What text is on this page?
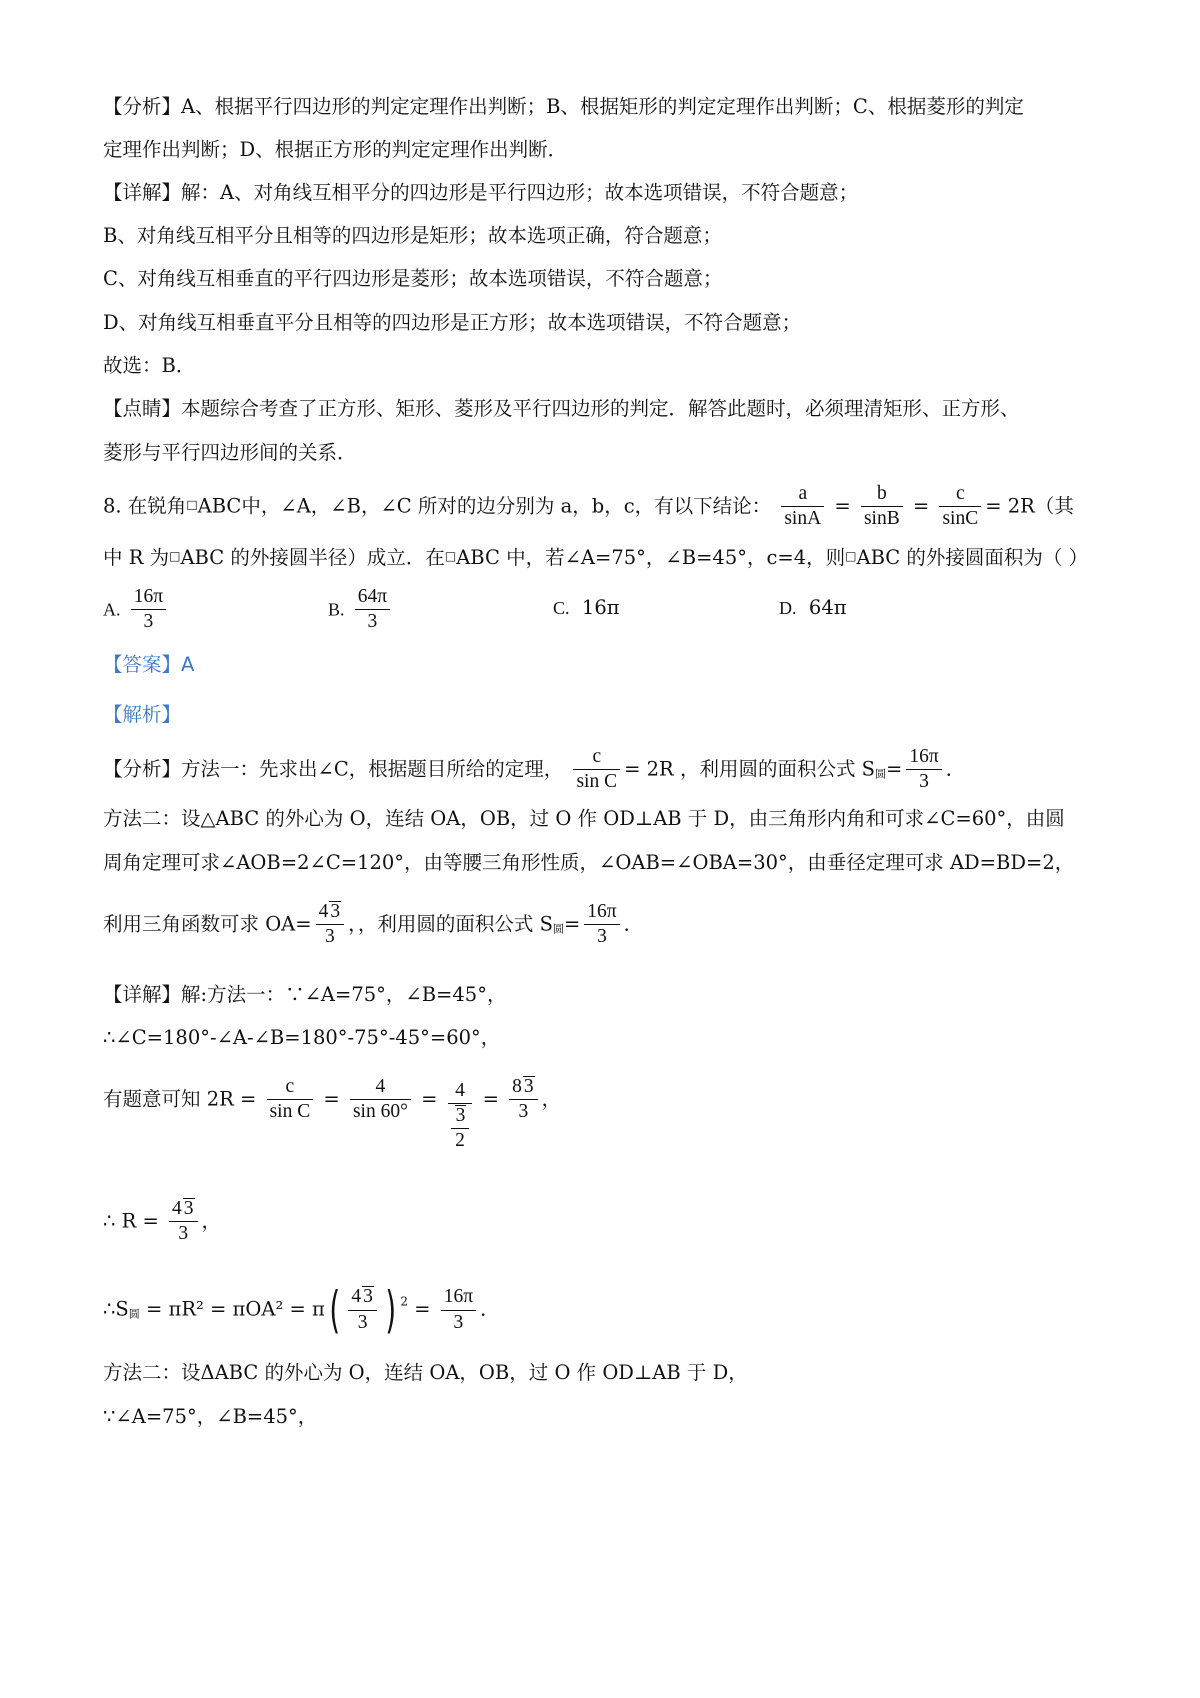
【分析】A、根据平行四边形的判定定理作出判断；B、根据矩形的判定定理作出判断；C、根据菱形的判定
定理作出判断；D、根据正方形的判定定理作出判断．
【详解】解：A、对角线互相平分的四边形是平行四边形；故本选项错误，不符合题意；
B、对角线互相平分且相等的四边形是矩形；故本选项正确，符合题意；
C、对角线互相垂直的平行四边形是菱形；故本选项错误，不符合题意；
D、对角线互相垂直平分且相等的四边形是正方形；故本选项错误，不符合题意；
故选：B．
【点睛】本题综合考查了正方形、矩形、菱形及平行四边形的判定．解答此题时，必须理清矩形、正方形、
菱形与平行四边形间的关系．
8. 在锐角□ABC中，∠A，∠B，∠C 所对的边分别为 a，b，c，有以下结论： $\frac{a}{\sin A} = \frac{b}{\sin B} = \frac{c}{\sin C} = 2R$（其
中 R 为□ABC 的外接圆半径）成立．在□ABC 中，若∠A=75°，∠B=45°，c=4，则□ABC 的外接圆面积为（ ）
A. $\frac{16\pi}{3}$	B. $\frac{64\pi}{3}$	C. 16π	D. 64π
【答案】A
【解析】
【分析】方法一：先求出∠C，根据题目所给的定理， $\frac{c}{\text{sin C}} = 2R$ ，利用圆的面积公式 S圆= $\frac{16\pi}{3}$ ．
方法二：设△ABC 的外心为 O，连结 OA，OB，过 O 作 OD⊥AB 于 D，由三角形内角和可求∠C=60°，由圆
周角定理可求∠AOB=2∠C=120°，由等腰三角形性质，∠OAB=∠OBA=30°，由垂径定理可求 AD=BD=2，
利用三角函数可求 $OA= \frac{4 3}{3}$ ，，利用圆的面积公式 S圆= $\frac{16\pi}{3}$ ．
【详解】解:方法一：∵∠A=75°，∠B=45°，
∴∠C=180°-∠A-∠B=180°-75°-45°=60°，
有题意可知 $2R = \frac{c}{\text{sin C}} = \frac{4}{\sin 60^\circ} = \frac{4}{\frac{3}{2}} = \frac{8 3}{3}$ ，
∴ $R = \frac{4 3}{3}$ ，
∴S圆 = $\pi R^2 = \pi OA^2 = \pi( \frac{4 3}{3}$ ) $^2 = \frac{16\pi}{3}$ ．
方法二：设ΔABC 的外心为 O，连结 OA，OB，过 O 作 OD⊥AB 于 D，
∵∠A=75°，∠B=45°，
